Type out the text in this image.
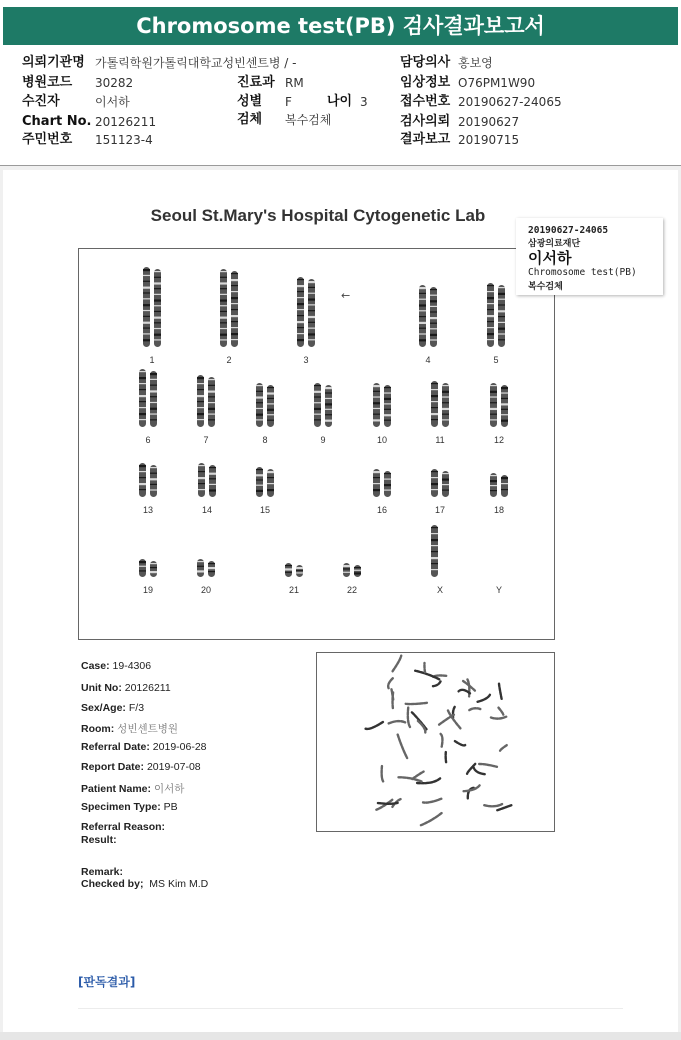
Chromosome test(PB) 검사결과보고서
의뢰기관명 가톨릭학원가톨릭대학교성빈센트병 / -
병원코드 30282
수진자	이서하
Chart No. 20126211
주민번호 151123-4
진료과 RM
성별 F	나이 3
검체 복수검체
담당의사 홍보영
임상정보 O76PM1W90
접수번호 20190627-24065
검사의뢰 20190627
결과보고 20190715
Seoul St.Mary's Hospital Cytogenetic Lab
1	2	3	4	5
6	7	8	9	10	11	12
13	14	15	16	17	18
19	20	21	22	X	Y
←
20190627-24065
삼광의료재단
이서하
Chromosome test(PB)
복수검체
Case: 19-4306
Unit No: 20126211
Sex/Age: F/3
Room: 성빈센트병원
Referral Date: 2019-06-28
Report Date: 2019-07-08
Patient Name: 이서하
Specimen Type: PB
Referral Reason:
Result:
Remark:
Checked by; MS Kim M.D
[판독결과]
